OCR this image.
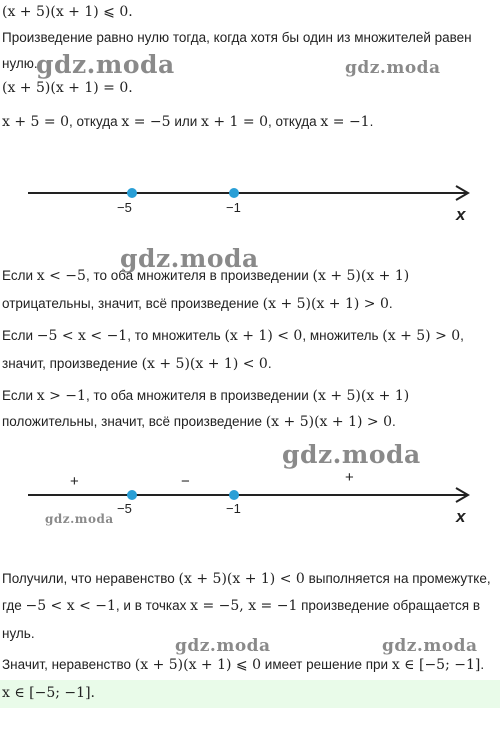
(x + 5)(x + 1) ⩽ 0.
Произведение равно нулю тогда, когда хотя бы один из множителей равен
нулю.
(x + 5)(x + 1) = 0.
x + 5 = 0, откуда x = −5 или x + 1 = 0, откуда x = −1.
−5	−1	x
Если x < −5, то оба множителя в произведении (x + 5)(x + 1)
отрицательны, значит, всё произведение (x + 5)(x + 1) > 0.
Если −5 < x < −1, то множитель (x + 1) < 0, множитель (x + 5) > 0,
значит, произведение (x + 5)(x + 1) < 0.
Если x > −1, то оба множителя в произведении (x + 5)(x + 1)
положительны, значит, всё произведение (x + 5)(x + 1) > 0.
+	−	+
−5	−1	x
Получили, что неравенство (x + 5)(x + 1) < 0 выполняется на промежутке,
где −5 < x < −1, и в точках x = −5, x = −1 произведение обращается в
нуль.
Значит, неравенство (x + 5)(x + 1) ⩽ 0 имеет решение при x ∈ [−5; −1].
x ∈ [−5; −1].
gdz.moda	gdz.moda
gdz.moda
gdz.moda
gdz.moda
gdz.moda	gdz.moda
